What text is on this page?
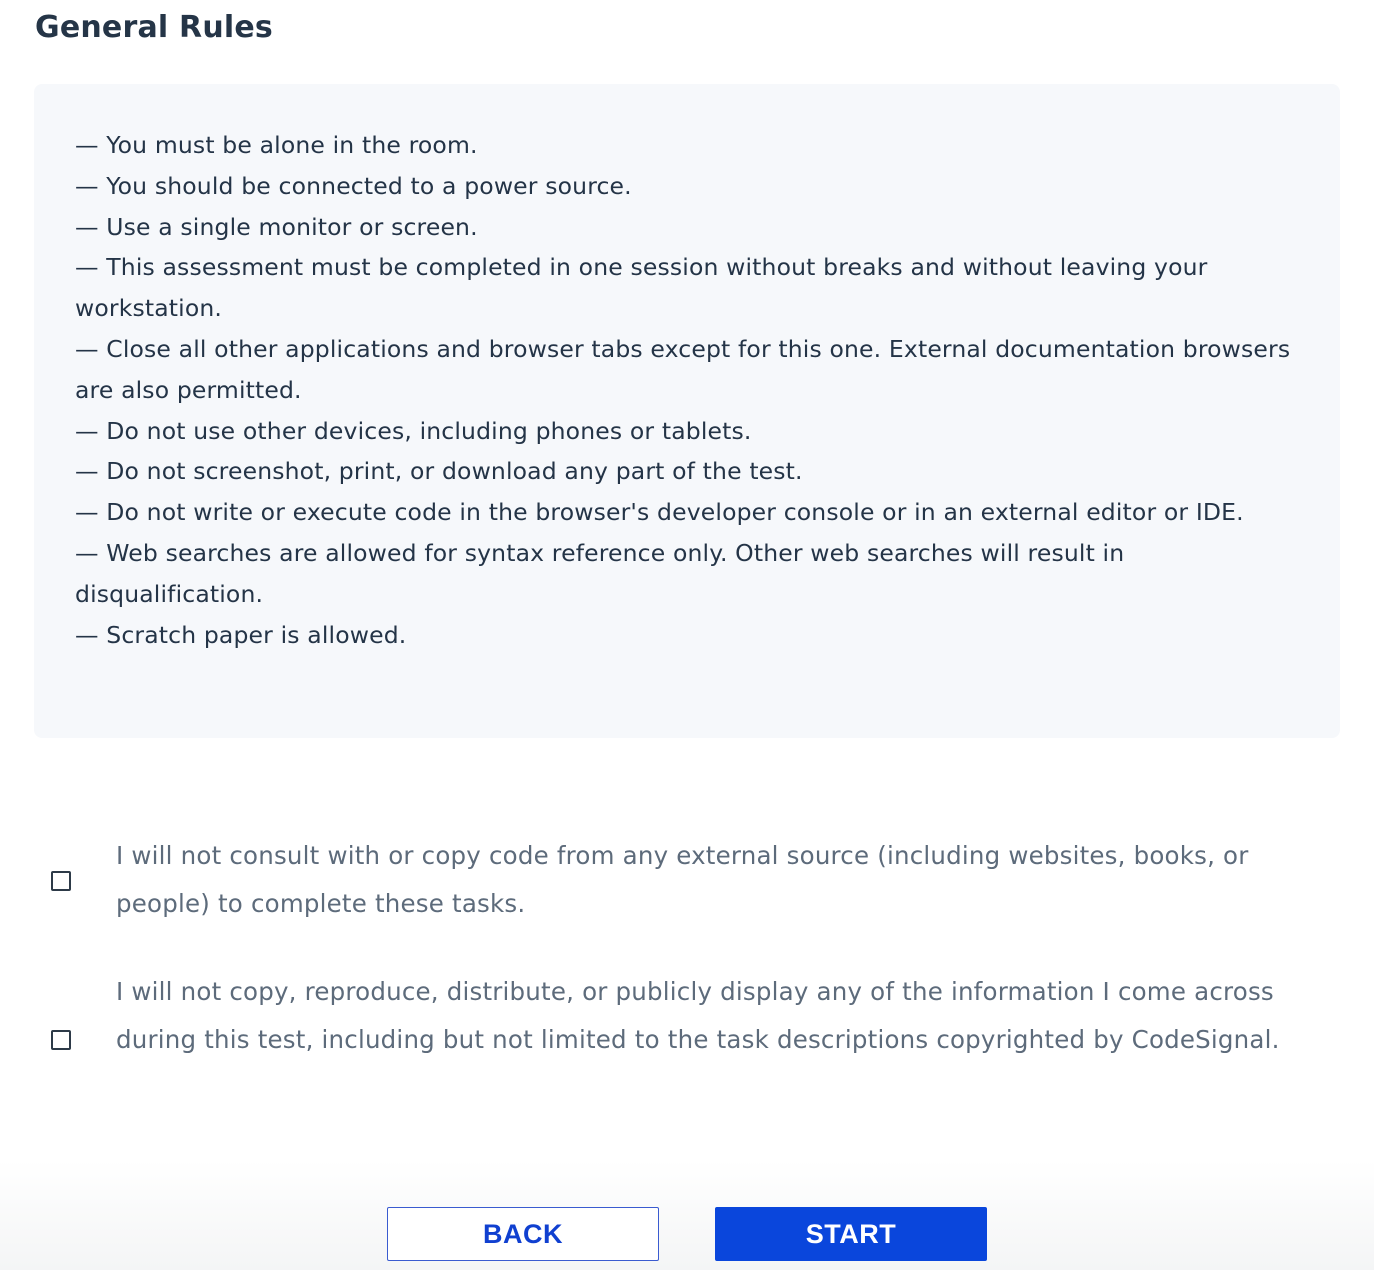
General Rules
— You must be alone in the room.
— You should be connected to a power source.
— Use a single monitor or screen.
— This assessment must be completed in one session without breaks and without leaving your workstation.
— Close all other applications and browser tabs except for this one. External documentation browsers are also permitted.
— Do not use other devices, including phones or tablets.
— Do not screenshot, print, or download any part of the test.
— Do not write or execute code in the browser's developer console or in an external editor or IDE.
— Web searches are allowed for syntax reference only. Other web searches will result in disqualification.
— Scratch paper is allowed.
I will not consult with or copy code from any external source (including websites, books, or people) to complete these tasks.
I will not copy, reproduce, distribute, or publicly display any of the information I come across during this test, including but not limited to the task descriptions copyrighted by CodeSignal.
BACK	START
